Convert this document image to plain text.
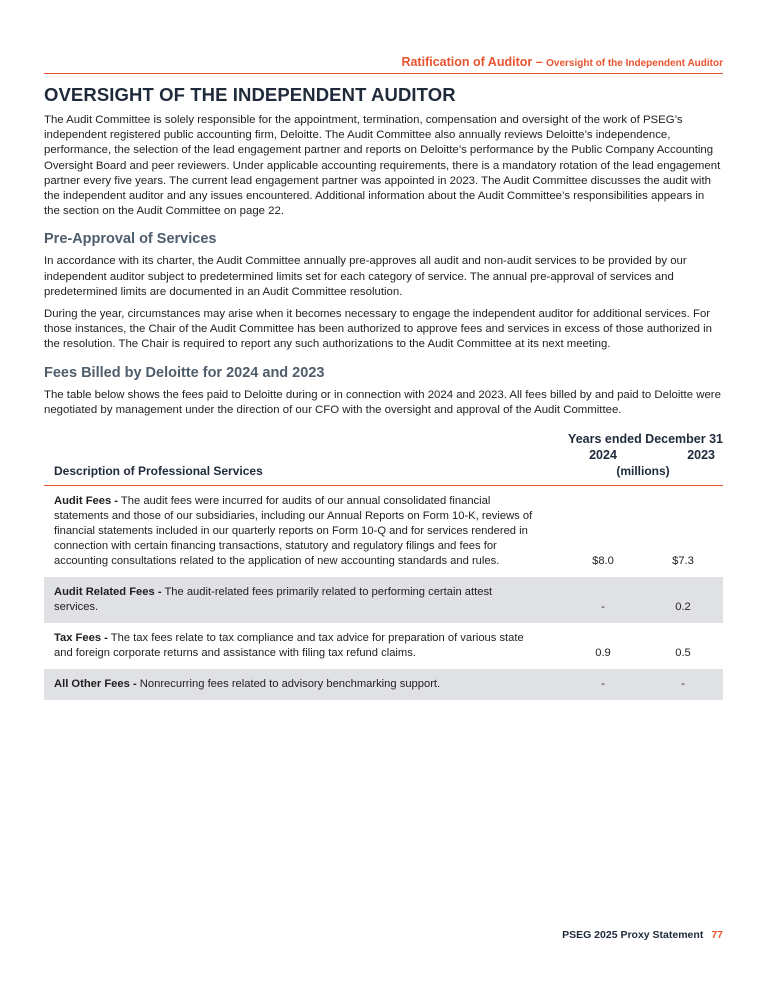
Ratification of Auditor – Oversight of the Independent Auditor
OVERSIGHT OF THE INDEPENDENT AUDITOR

The Audit Committee is solely responsible for the appointment, termination, compensation and oversight of the work of PSEG’s independent registered public accounting firm, Deloitte. The Audit Committee also annually reviews Deloitte’s independence, performance, the selection of the lead engagement partner and reports on Deloitte’s performance by the Public Company Accounting Oversight Board and peer reviewers. Under applicable accounting requirements, there is a mandatory rotation of the lead engagement partner every five years. The current lead engagement partner was appointed in 2023. The Audit Committee discusses the audit with the independent auditor and any issues encountered. Additional information about the Audit Committee’s responsibilities appears in the section on the Audit Committee on page 22.

Pre-Approval of Services

In accordance with its charter, the Audit Committee annually pre-approves all audit and non-audit services to be provided by our independent auditor subject to predetermined limits set for each category of service. The annual pre-approval of services and predetermined limits are documented in an Audit Committee resolution.

During the year, circumstances may arise when it becomes necessary to engage the independent auditor for additional services. For those instances, the Chair of the Audit Committee has been authorized to approve fees and services in excess of those authorized in the resolution. The Chair is required to report any such authorizations to the Audit Committee at its next meeting.

Fees Billed by Deloitte for 2024 and 2023

The table below shows the fees paid to Deloitte during or in connection with 2024 and 2023. All fees billed by and paid to Deloitte were negotiated by management under the direction of our CFO with the oversight and approval of the Audit Committee.

	Years ended December 31	
	2024	2023
Description of Professional Services	(millions)	
Audit Fees - The audit fees were incurred for audits of our annual consolidated financial statements and those of our subsidiaries, including our Annual Reports on Form 10-K, reviews of financial statements included in our quarterly reports on Form 10-Q and for services rendered in connection with certain financing transactions, statutory and regulatory filings and fees for accounting consultations related to the application of new accounting standards and rules.	$8.0	$7.3
Audit Related Fees - The audit-related fees primarily related to performing certain attest services.	-	0.2
Tax Fees - The tax fees relate to tax compliance and tax advice for preparation of various state and foreign corporate returns and assistance with filing tax refund claims.	0.9	0.5
All Other Fees - Nonrecurring fees related to advisory benchmarking support.	-	-
PSEG 2025 Proxy Statement 77
